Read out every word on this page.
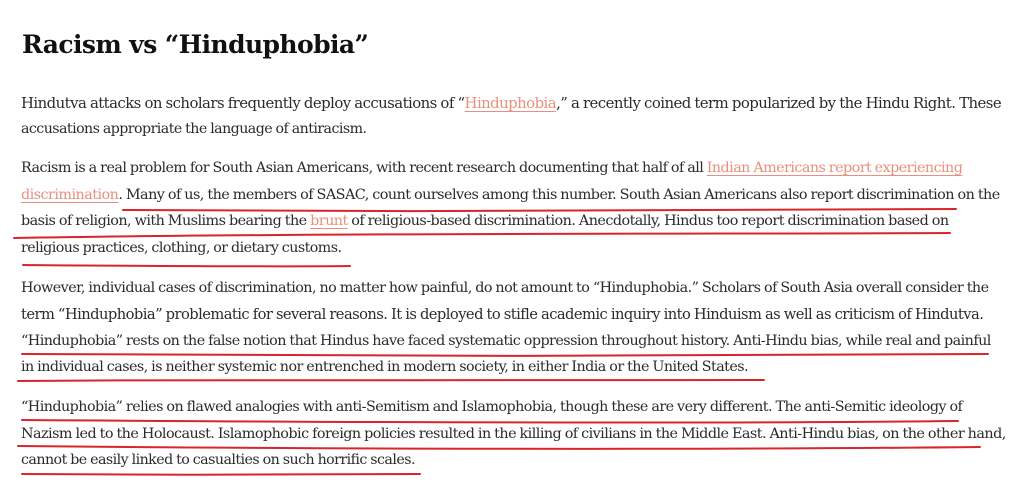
Racism vs “Hinduphobia”

Hindutva attacks on scholars frequently deploy accusations of “Hinduphobia,” a recently coined term popularized by the Hindu Right. These

accusations appropriate the language of antiracism.

Racism is a real problem for South Asian Americans, with recent research documenting that half of all Indian Americans report experiencing

discrimination. Many of us, the members of SASAC, count ourselves among this number. South Asian Americans also report discrimination on the

basis of religion, with Muslims bearing the brunt of religious-based discrimination. Anecdotally, Hindus too report discrimination based on

religious practices, clothing, or dietary customs.

However, individual cases of discrimination, no matter how painful, do not amount to “Hinduphobia.” Scholars of South Asia overall consider the

term “Hinduphobia” problematic for several reasons. It is deployed to stifle academic inquiry into Hinduism as well as criticism of Hindutva.

“Hinduphobia” rests on the false notion that Hindus have faced systematic oppression throughout history. Anti-Hindu bias, while real and painful

in individual cases, is neither systemic nor entrenched in modern society, in either India or the United States.

“Hinduphobia” relies on flawed analogies with anti-Semitism and Islamophobia, though these are very different. The anti-Semitic ideology of

Nazism led to the Holocaust. Islamophobic foreign policies resulted in the killing of civilians in the Middle East. Anti-Hindu bias, on the other hand,

cannot be easily linked to casualties on such horrific scales.
